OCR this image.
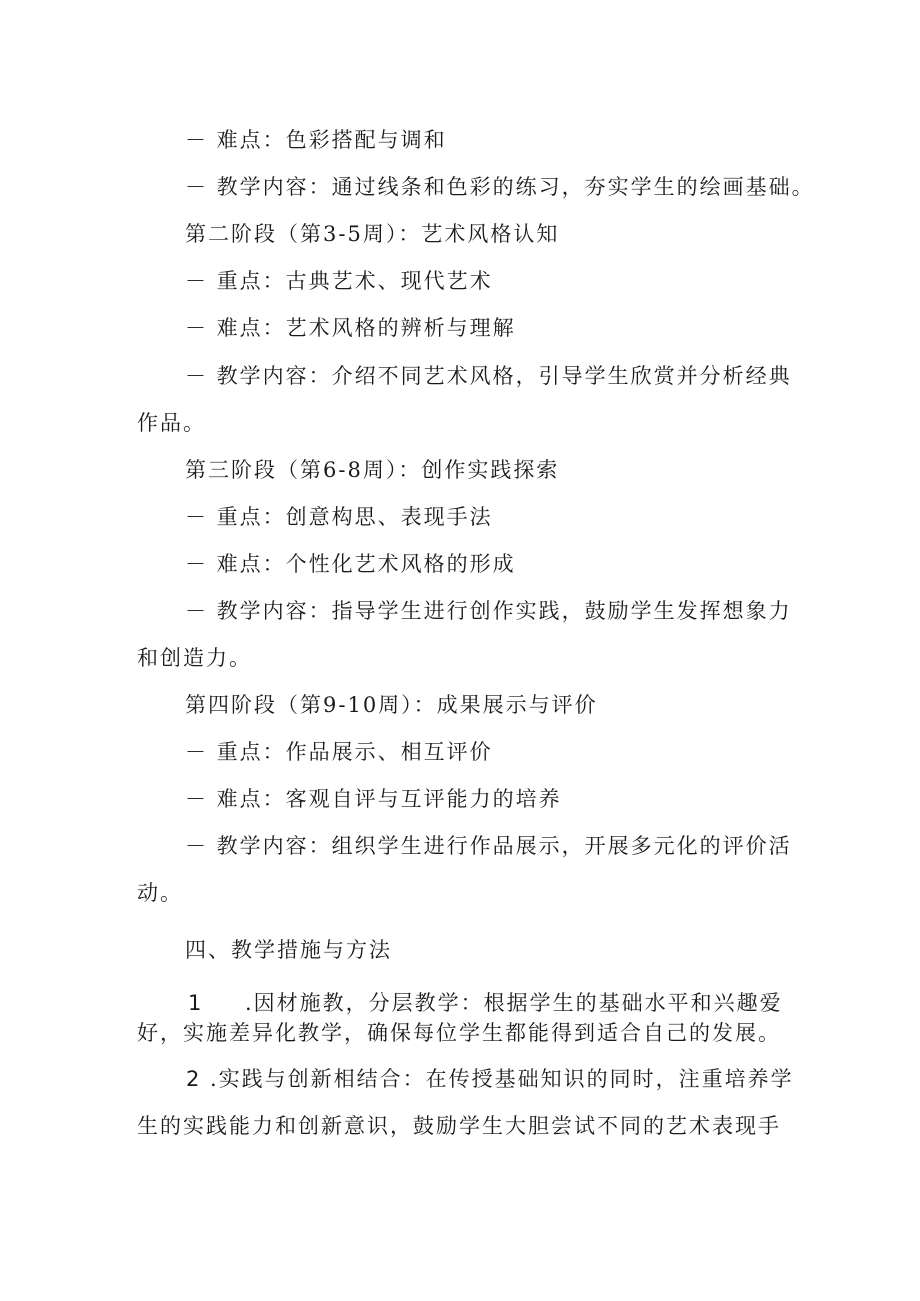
－ 难点：色彩搭配与调和
－ 教学内容：通过线条和色彩的练习，夯实学生的绘画基础。
第二阶段（第3-5周）：艺术风格认知
－ 重点：古典艺术、现代艺术
－ 难点：艺术风格的辨析与理解
－ 教学内容：介绍不同艺术风格，引导学生欣赏并分析经典
作品。
第三阶段（第6-8周）：创作实践探索
－ 重点：创意构思、表现手法
－ 难点：个性化艺术风格的形成
－ 教学内容：指导学生进行创作实践，鼓励学生发挥想象力
和创造力。
第四阶段（第9-10周）：成果展示与评价
－ 重点：作品展示、相互评价
－ 难点：客观自评与互评能力的培养
－ 教学内容：组织学生进行作品展示，开展多元化的评价活
动。
四、教学措施与方法
1 .因材施教，分层教学：根据学生的基础水平和兴趣爱
好，实施差异化教学，确保每位学生都能得到适合自己的发展。
2 .实践与创新相结合：在传授基础知识的同时，注重培养学
生的实践能力和创新意识，鼓励学生大胆尝试不同的艺术表现手
